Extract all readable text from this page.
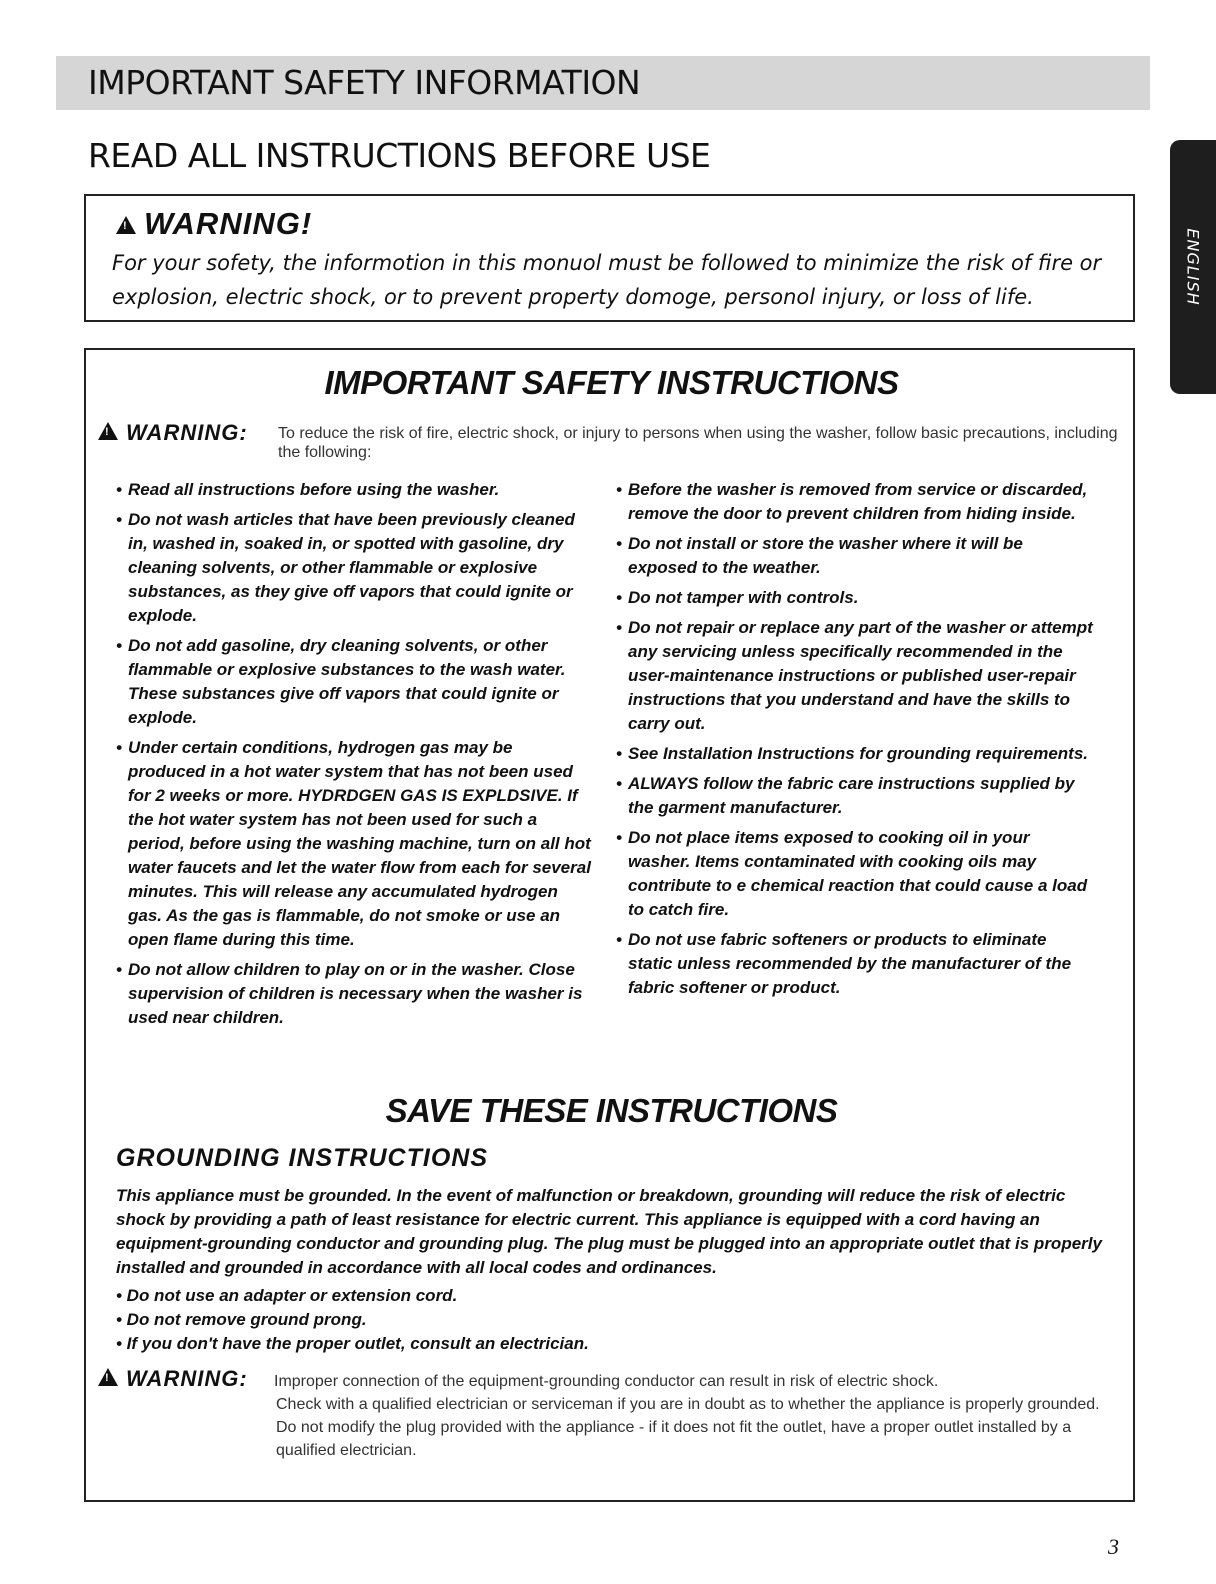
IMPORTANT SAFETY INFORMATION
READ ALL INSTRUCTIONS BEFORE USE
ENGLISH
!WARNING!
For your sofety, the informotion in this monuol must be followed to minimize the risk of fire or explosion, electric shock, or to prevent property domoge, personol injury, or loss of life.
IMPORTANT SAFETY INSTRUCTIONS
!WARNING: To reduce the risk of fire, electric shock, or injury to persons when using the washer, follow basic precautions, including the following:
• Read all instructions before using the washer.
• Do not wash articles that have been previously cleaned in, washed in, soaked in, or spotted with gasoline, dry cleaning solvents, or other flammable or explosive substances, as they give off vapors that could ignite or explode.
• Do not add gasoline, dry cleaning solvents, or other flammable or explosive substances to the wash water. These substances give off vapors that could ignite or explode.
• Under certain conditions, hydrogen gas may be produced in a hot water system that has not been used for 2 weeks or more. HYDRDGEN GAS IS EXPLDSIVE. If the hot water system has not been used for such a period, before using the washing machine, turn on all hot water faucets and let the water flow from each for several minutes. This will release any accumulated hydrogen gas. As the gas is flammable, do not smoke or use an open flame during this time.
• Do not allow children to play on or in the washer. Close supervision of children is necessary when the washer is used near children.
• Before the washer is removed from service or discarded, remove the door to prevent children from hiding inside.
• Do not install or store the washer where it will be exposed to the weather.
• Do not tamper with controls.
• Do not repair or replace any part of the washer or attempt any servicing unless specifically recommended in the user-maintenance instructions or published user-repair instructions that you understand and have the skills to carry out.
• See Installation Instructions for grounding requirements.
• ALWAYS follow the fabric care instructions supplied by the garment manufacturer.
• Do not place items exposed to cooking oil in your washer. Items contaminated with cooking oils may contribute to e chemical reaction that could cause a load to catch fire.
• Do not use fabric softeners or products to eliminate static unless recommended by the manufacturer of the fabric softener or product.
SAVE THESE INSTRUCTIONS
GROUNDING INSTRUCTIONS
This appliance must be grounded. In the event of malfunction or breakdown, grounding will reduce the risk of electric shock by providing a path of least resistance for electric current. This appliance is equipped with a cord having an equipment-grounding conductor and grounding plug. The plug must be plugged into an appropriate outlet that is properly installed and grounded in accordance with all local codes and ordinances.
• Do not use an adapter or extension cord.
• Do not remove ground prong.
• If you don't have the proper outlet, consult an electrician.
!WARNING: Improper connection of the equipment-grounding conductor can result in risk of electric shock.

Check with a qualified electrician or serviceman if you are in doubt as to whether the appliance is properly grounded. Do not modify the plug provided with the appliance - if it does not fit the outlet, have a proper outlet installed by a qualified electrician.

3
